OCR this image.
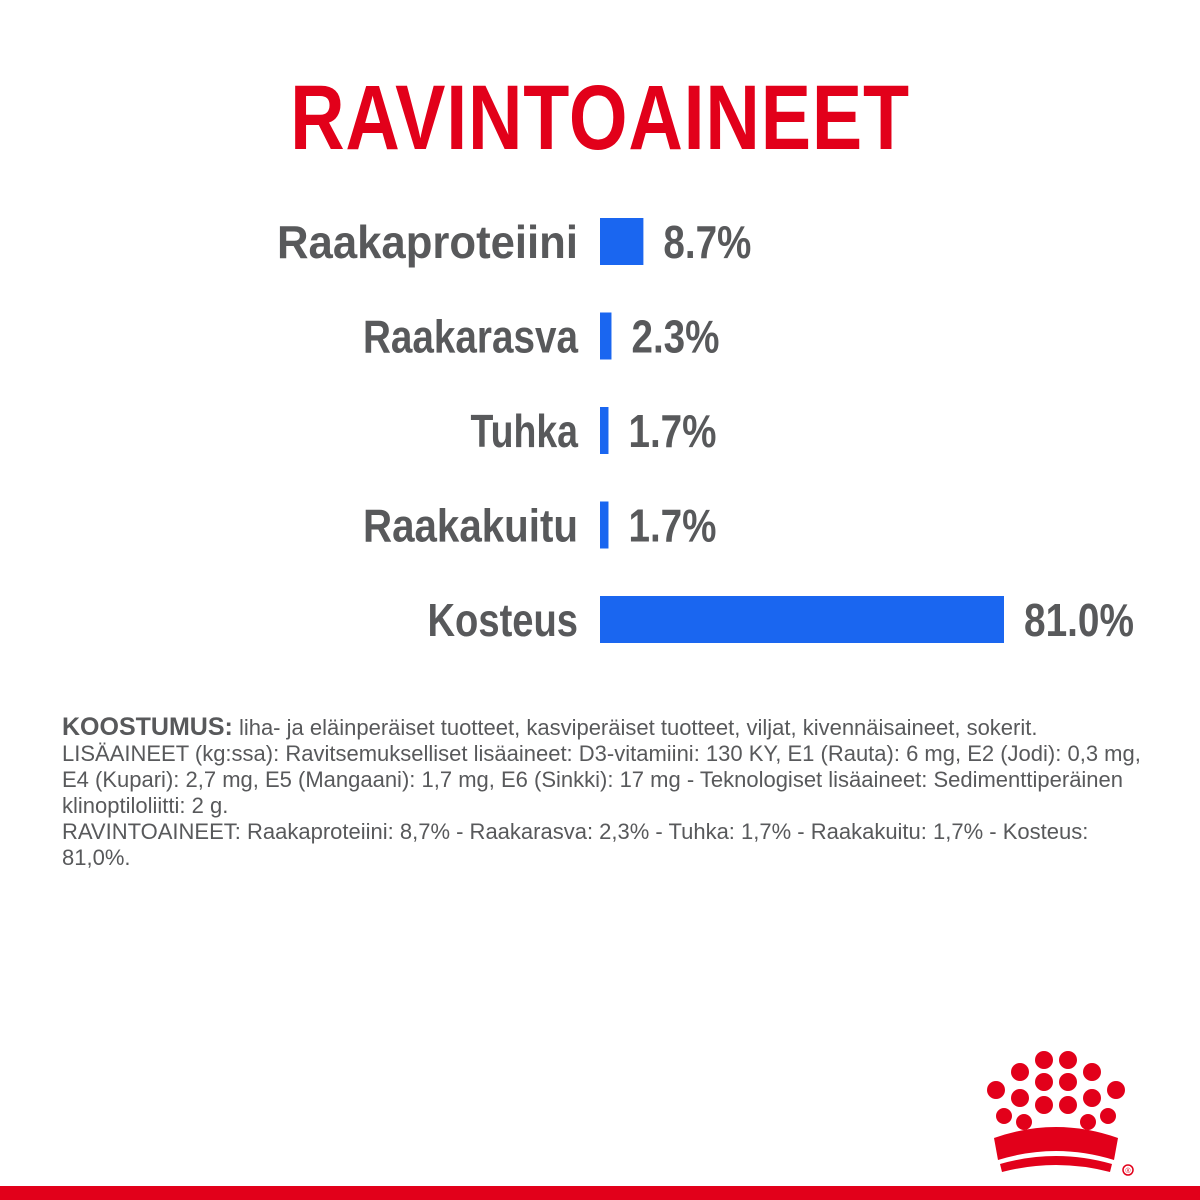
RAVINTOAINEET
Raakaproteiini 8.7%
Raakarasva 2.3%
Tuhka 1.7%
Raakakuitu 1.7%
Kosteus	81.0%

KOOSTUMUS: liha- ja eläinperäiset tuotteet, kasviperäiset tuotteet, viljat, kivennäisaineet, sokerit.

LISÄAINEET (kg:ssa): Ravitsemukselliset lisäaineet: D3-vitamiini: 130 KY, E1 (Rauta): 6 mg, E2 (Jodi): 0,3 mg, E4 (Kupari): 2,7 mg, E5 (Mangaani): 1,7 mg, E6 (Sinkki): 17 mg - Teknologiset lisäaineet: Sedimenttiperäinen klinoptiloliitti: 2 g.

RAVINTOAINEET: Raakaproteiini: 8,7% - Raakarasva: 2,3% - Tuhka: 1,7% - Raakakuitu: 1,7% - Kosteus: 81,0%.

®
